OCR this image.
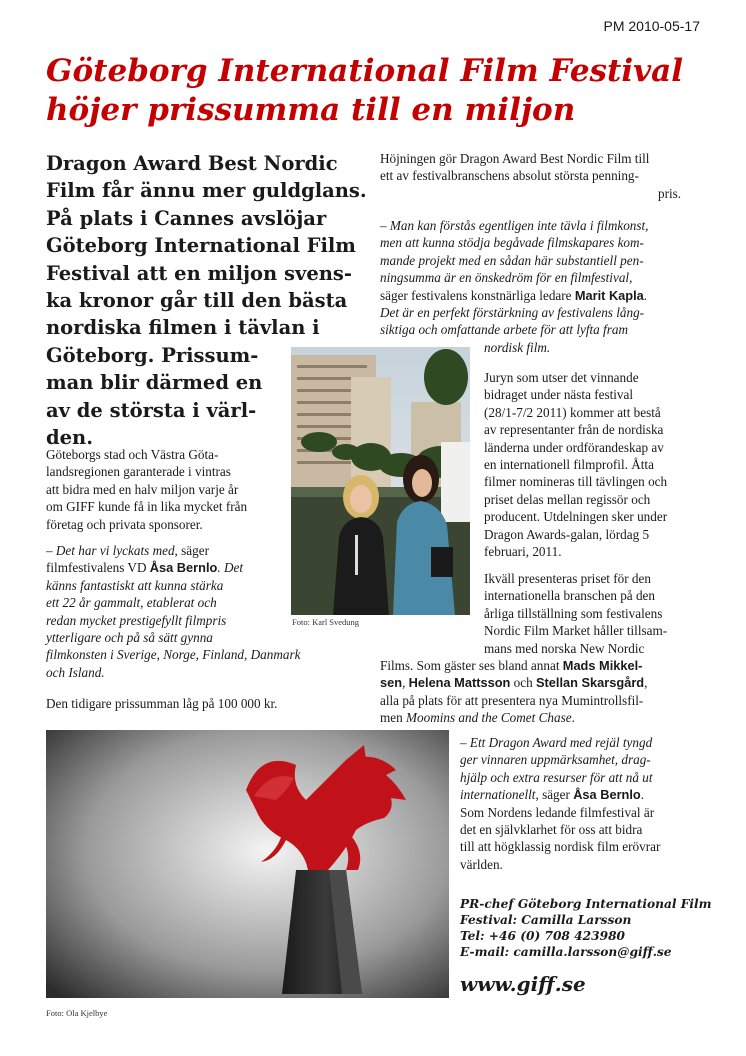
PM 2010-05-17
Göteborg International Film Festival
höjer prissumma till en miljon
Dragon Award Best Nordic
Film får ännu mer guldglans.
På plats i Cannes avslöjar
Göteborg International Film
Festival att en miljon svens-
ka kronor går till den bästa
nordiska filmen i tävlan i
Göteborg. Prissum-
man blir därmed en
av de största i värl-
den.
Göteborgs stad och Västra Göta-
landsregionen garanterade i vintras
att bidra med en halv miljon varje år
om GIFF kunde få in lika mycket från
företag och privata sponsorer.
– Det har vi lyckats med, säger
filmfestivalens VD Åsa Bernlo. Det
känns fantastiskt att kunna stärka
ett 22 år gammalt, etablerat och
redan mycket prestigefyllt filmpris
ytterligare och på så sätt gynna
filmkonsten i Sverige, Norge, Finland, Danmark
och Island.
Den tidigare prissumman låg på 100 000 kr.
Foto: Karl Svedung
Höjningen gör Dragon Award Best Nordic Film till
ett av festivalbranschens absolut största penning-
pris.
– Man kan förstås egentligen inte tävla i filmkonst,
men att kunna stödja begåvade filmskapares kom-
mande projekt med en sådan här substantiell pen-
ningsumma är en önskedröm för en filmfestival,
säger festivalens konstnärliga ledare Marit Kapla.
Det är en perfekt förstärkning av festivalens lång-
siktiga och omfattande arbete för att lyfta fram
nordisk film.
Juryn som utser det vinnande
bidraget under nästa festival
(28/1-7/2 2011) kommer att bestå
av representanter från de nordiska
länderna under ordförandeskap av
en internationell filmprofil. Åtta
filmer nomineras till tävlingen och
priset delas mellan regissör och
producent. Utdelningen sker under
Dragon Awards-galan, lördag 5
februari, 2011.
Ikväll presenteras priset för den
internationella branschen på den
årliga tillställning som festivalens
Nordic Film Market håller tillsam-
mans med norska New Nordic
Films. Som gäster ses bland annat Mads Mikkel-
sen, Helena Mattsson och Stellan Skarsgård,
alla på plats för att presentera nya Mumintrollsfil-
men Moomins and the Comet Chase.
– Ett Dragon Award med rejäl tyngd
ger vinnaren uppmärksamhet, drag-
hjälp och extra resurser för att nå ut
internationellt, säger Åsa Bernlo.
Som Nordens ledande filmfestival är
det en självklarhet för oss att bidra
till att högklassig nordisk film erövrar
världen.
Foto: Ola Kjelbye
PR-chef Göteborg International Film
Festival: Camilla Larsson
Tel: +46 (0) 708 423980
E-mail: camilla.larsson@giff.se
www.giff.se
